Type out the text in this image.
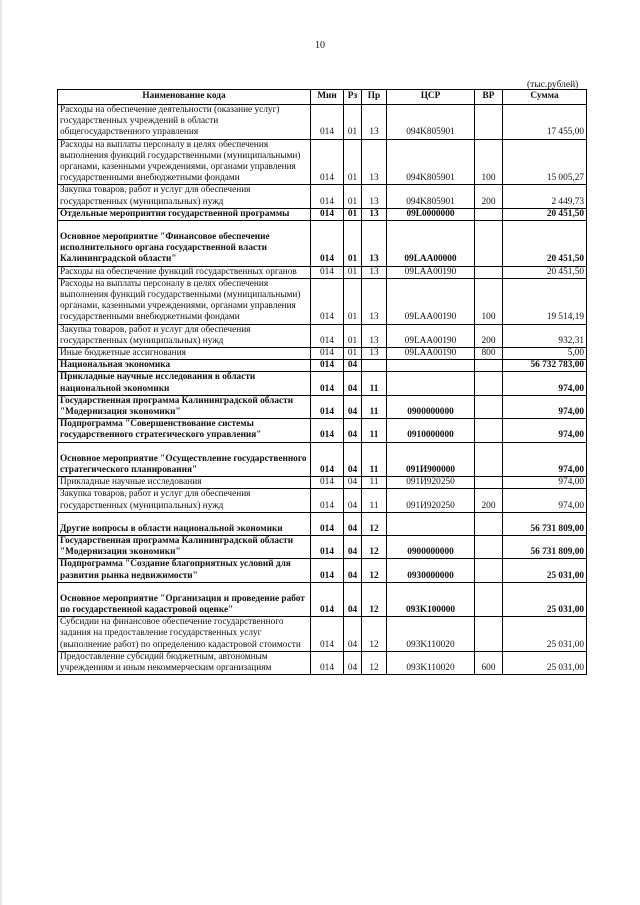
10
(тыс.рублей)
Наименование кода	Мин	Рз	Пр	ЦСР	ВР	Сумма
Расходы на обеспечение деятельности (оказание услуг) государственных учреждений в области общегосударственного управления	014	01	13	094K805901		17 455,00
Расходы на выплаты персоналу в целях обеспечения выполнения функций государственными (муниципальными) органами, казенными учреждениями, органами управления государственными внебюджетными фондами	014	01	13	094K805901	100	15 005,27
Закупка товаров, работ и услуг для обеспечения государственных (муниципальных) нужд	014	01	13	094K805901	200	2 449,73
Отдельные мероприятия государственной программы	014	01	13	09L0000000		20 451,50

Основное мероприятие "Финансовое обеспечение исполнительного органа государственной власти Калининградской области"	014	01	13	09LAA00000		20 451,50
Расходы на обеспечение функций государственных органов	014	01	13	09LAA00190		20 451,50
Расходы на выплаты персоналу в целях обеспечения выполнения функций государственными (муниципальными) органами, казенными учреждениями, органами управления государственными внебюджетными фондами	014	01	13	09LAA00190	100	19 514,19
Закупка товаров, работ и услуг для обеспечения государственных (муниципальных) нужд	014	01	13	09LAA00190	200	932,31
Иные бюджетные ассигнования	014	01	13	09LAA00190	800	5,00
Национальная экономика	014	04				56 732 783,00
Прикладные научные исследования в области национальной экономики	014	04	11			974,00
Государственная программа Калининградской области "Модернизация экономики"	014	04	11	0900000000		974,00
Подпрограмма "Совершенствование системы государственного стратегического управления"	014	04	11	0910000000		974,00

Основное мероприятие "Осуществление государственного стратегического планирования"	014	04	11	091И900000		974,00
Прикладные научные исследования	014	04	11	091И920250		974,00
Закупка товаров, работ и услуг для обеспечения государственных (муниципальных) нужд	014	04	11	091И920250	200	974,00

Другие вопросы в области национальной экономики	014	04	12			56 731 809,00
Государственная программа Калининградской области "Модернизация экономики"	014	04	12	0900000000		56 731 809,00
Подпрограмма "Создание благоприятных условий для развития рынка недвижимости"	014	04	12	0930000000		25 031,00

Основное мероприятие "Организация и проведение работ по государственной кадастровой оценке"	014	04	12	093K100000		25 031,00
Субсидии на финансовое обеспечение государственного задания на предоставление государственных услуг (выполнение работ) по определению кадастровой стоимости	014	04	12	093K110020		25 031,00
Предоставление субсидий бюджетным, автономным учреждениям и иным некоммерческим организациям	014	04	12	093K110020	600	25 031,00
